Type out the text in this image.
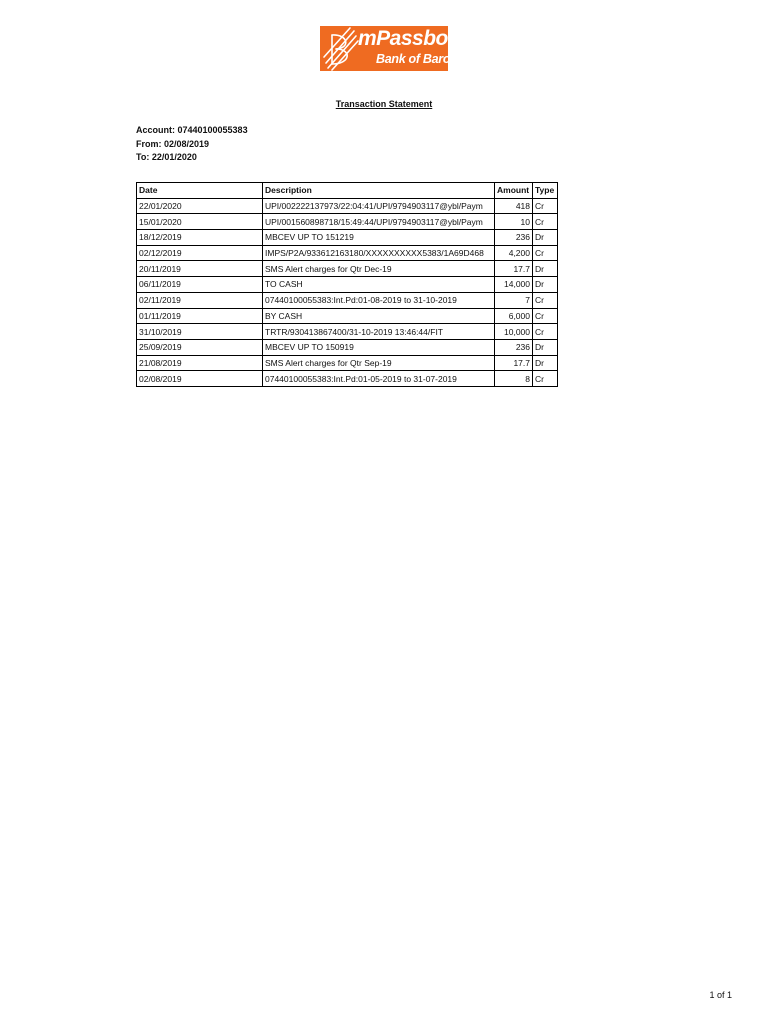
mPassbook
Bank of Baroda
Transaction Statement
Account: 07440100055383
From: 02/08/2019
To: 22/01/2020
Date	Description	Amount	Type
22/01/2020	UPI/002222137973/22:04:41/UPI/9794903117@ybl/Paym	418	Cr
15/01/2020	UPI/001560898718/15:49:44/UPI/9794903117@ybl/Paym	10	Cr
18/12/2019	MBCEV UP TO 151219	236	Dr
02/12/2019	IMPS/P2A/933612163180/XXXXXXXXXX5383/1A69D468	4,200	Cr
20/11/2019	SMS Alert charges for Qtr Dec-19	17.7	Dr
06/11/2019	TO CASH	14,000	Dr
02/11/2019	07440100055383:Int.Pd:01-08-2019 to 31-10-2019	7	Cr
01/11/2019	BY CASH	6,000	Cr
31/10/2019	TRTR/930413867400/31-10-2019 13:46:44/FIT	10,000	Cr
25/09/2019	MBCEV UP TO 150919	236	Dr
21/08/2019	SMS Alert charges for Qtr Sep-19	17.7	Dr
02/08/2019	07440100055383:Int.Pd:01-05-2019 to 31-07-2019	8	Cr
1 of 1
